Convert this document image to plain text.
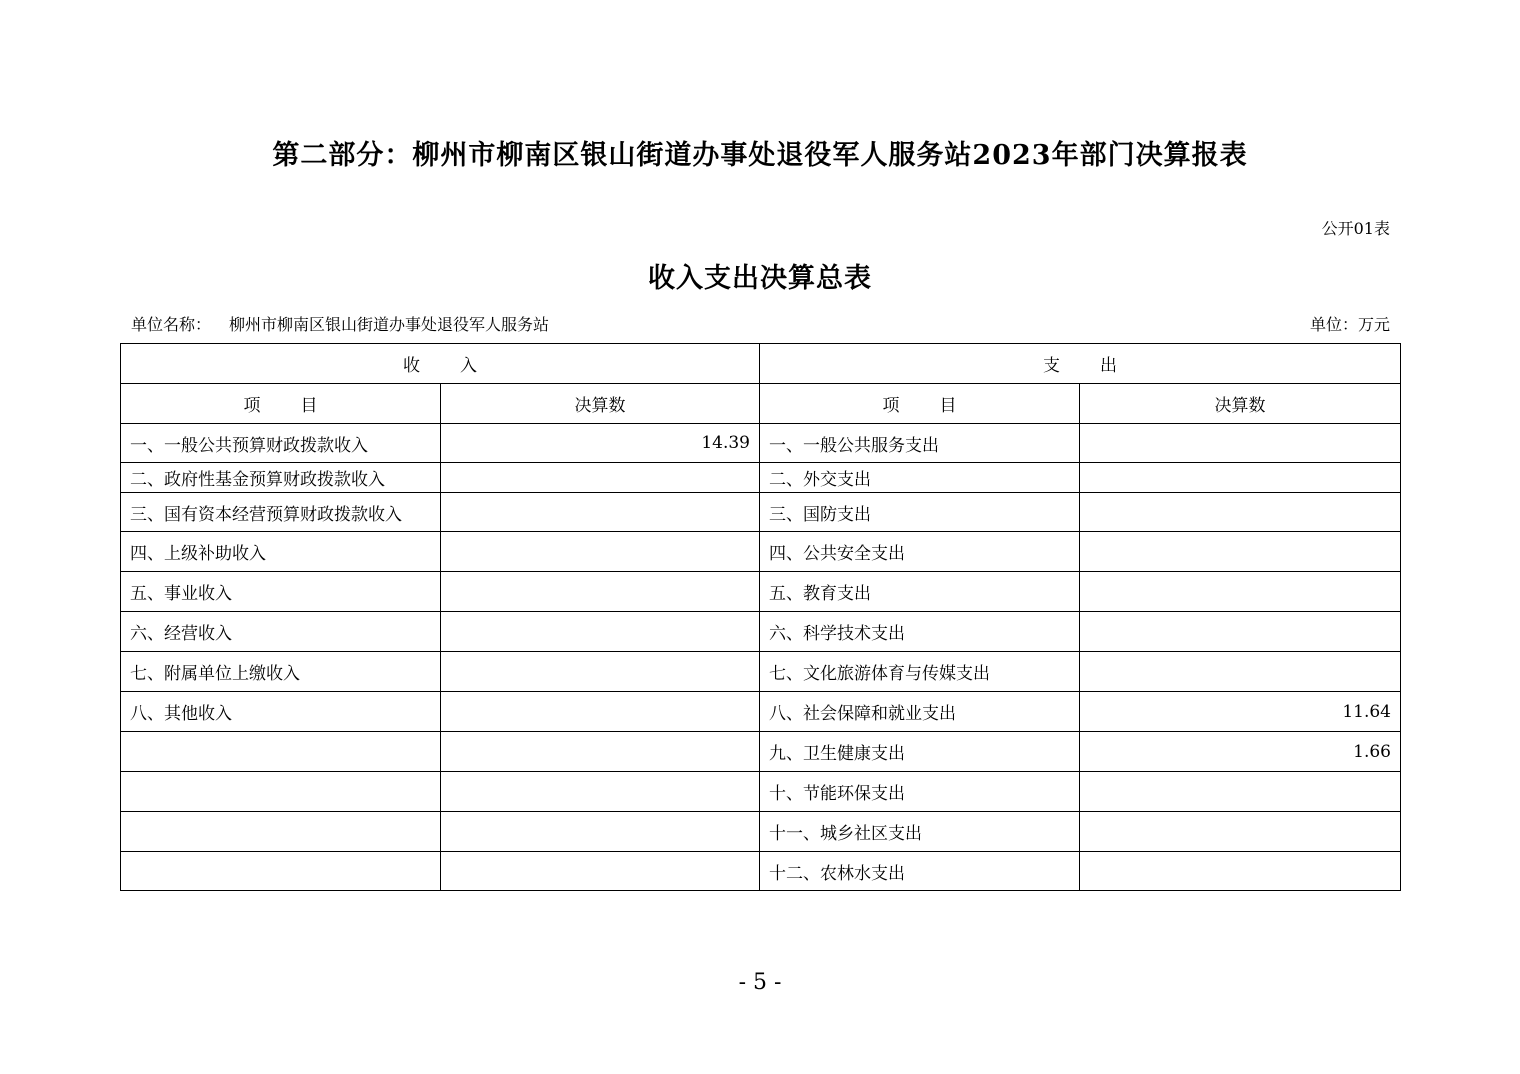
第二部分：柳州市柳南区银山街道办事处退役军人服务站2023年部门决算报表
公开01表
收入支出决算总表
单位名称： 柳州市柳南区银山街道办事处退役军人服务站	单位：万元
收 入		支 出	
项 目	决算数	项 目	决算数
一、一般公共预算财政拨款收入	14.39	一、一般公共服务支出	
二、政府性基金预算财政拨款收入		二、外交支出	
三、国有资本经营预算财政拨款收入		三、国防支出	
四、上级补助收入		四、公共安全支出	
五、事业收入		五、教育支出	
六、经营收入		六、科学技术支出	
七、附属单位上缴收入		七、文化旅游体育与传媒支出	
八、其他收入		八、社会保障和就业支出	11.64
		九、卫生健康支出	1.66
		十、节能环保支出	
		十一、城乡社区支出	
		十二、农林水支出	
- 5 -
